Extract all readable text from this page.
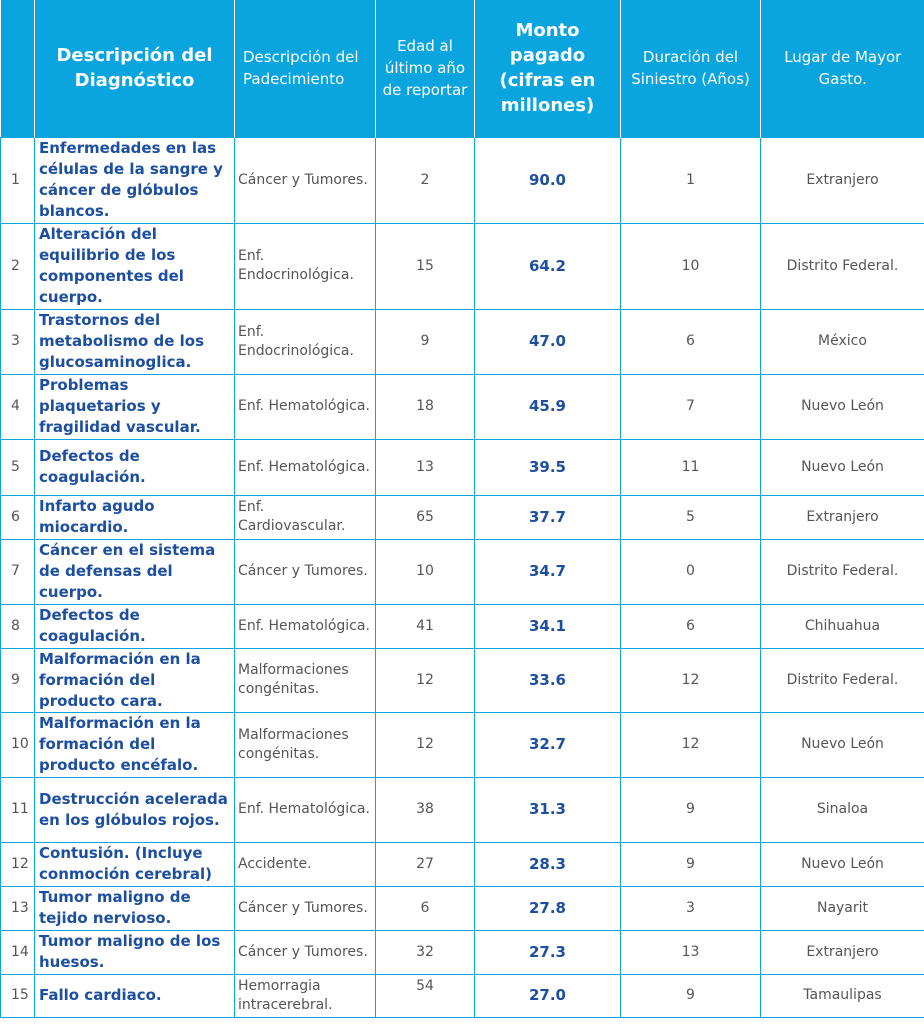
	Descripción del Diagnóstico	Descripción del Padecimiento	Edad al último año de reportar	Monto pagado (cifras en millones)	Duración del Siniestro (Años)	Lugar de Mayor Gasto.
1	Enfermedades en las células de la sangre y cáncer de glóbulos blancos.	Cáncer y Tumores.	2	90.0	1	Extranjero
2	Alteración del equilibrio de los componentes del cuerpo.	Enf. Endocrinológica.	15	64.2	10	Distrito Federal.
3	Trastornos del metabolismo de los glucosaminoglica.	Enf. Endocrinológica.	9	47.0	6	México
4	Problemas plaquetarios y fragilidad vascular.	Enf. Hematológica.	18	45.9	7	Nuevo León
5	Defectos de coagulación.	Enf. Hematológica.	13	39.5	11	Nuevo León
6	Infarto agudo miocardio.	Enf. Cardiovascular.	65	37.7	5	Extranjero
7	Cáncer en el sistema de defensas del cuerpo.	Cáncer y Tumores.	10	34.7	0	Distrito Federal.
8	Defectos de coagulación.	Enf. Hematológica.	41	34.1	6	Chihuahua
9	Malformación en la formación del producto cara.	Malformaciones congénitas.	12	33.6	12	Distrito Federal.
10	Malformación en la formación del producto encéfalo.	Malformaciones congénitas.	12	32.7	12	Nuevo León
11	Destrucción acelerada en los glóbulos rojos.	Enf. Hematológica.	38	31.3	9	Sinaloa
12	Contusión. (Incluye conmoción cerebral)	Accidente.	27	28.3	9	Nuevo León
13	Tumor maligno de tejido nervioso.	Cáncer y Tumores.	6	27.8	3	Nayarit
14	Tumor maligno de los huesos.	Cáncer y Tumores.	32	27.3	13	Extranjero
15	Fallo cardiaco.	Hemorragia intracerebral.	54	27.0	9	Tamaulipas
